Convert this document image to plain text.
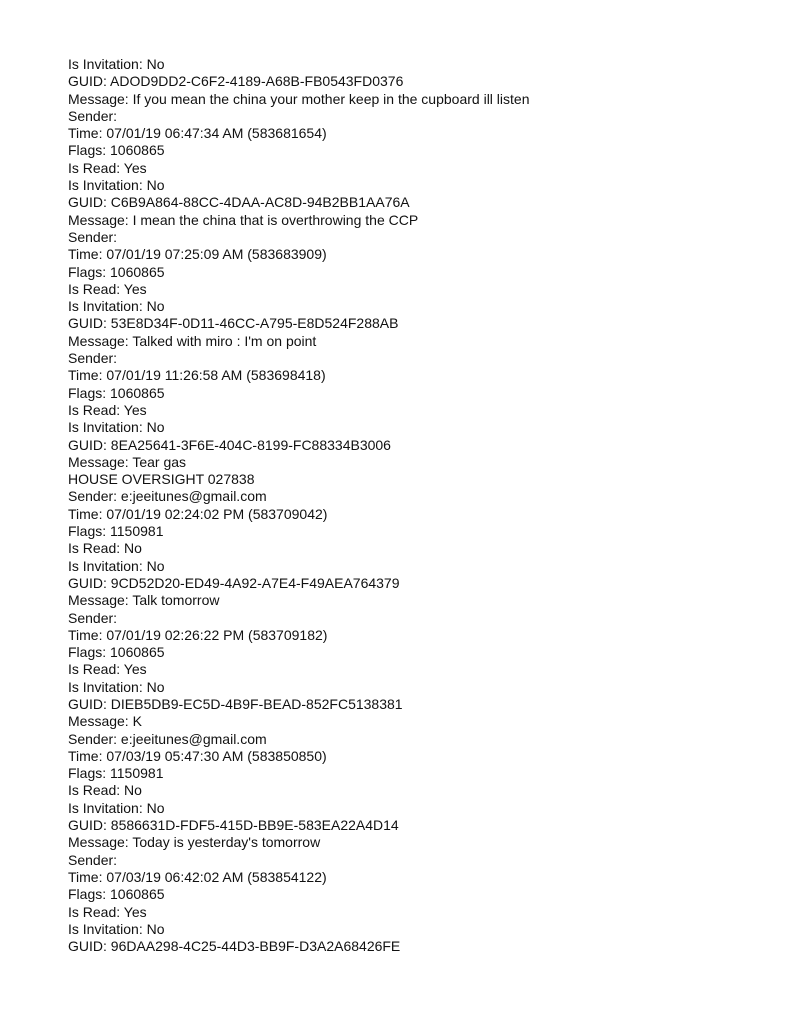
Is Invitation: No
GUID: ADOD9DD2-C6F2-4189-A68B-FB0543FD0376
Message: If you mean the china your mother keep in the cupboard ill listen
Sender:
Time: 07/01/19 06:47:34 AM (583681654)
Flags: 1060865
Is Read: Yes
Is Invitation: No
GUID: C6B9A864-88CC-4DAA-AC8D-94B2BB1AA76A
Message: I mean the china that is overthrowing the CCP
Sender:
Time: 07/01/19 07:25:09 AM (583683909)
Flags: 1060865
Is Read: Yes
Is Invitation: No
GUID: 53E8D34F-0D11-46CC-A795-E8D524F288AB
Message: Talked with miro : I'm on point
Sender:
Time: 07/01/19 11:26:58 AM (583698418)
Flags: 1060865
Is Read: Yes
Is Invitation: No
GUID: 8EA25641-3F6E-404C-8199-FC88334B3006
Message: Tear gas
HOUSE OVERSIGHT 027838
Sender: e:jeeitunes@gmail.com
Time: 07/01/19 02:24:02 PM (583709042)
Flags: 1150981
Is Read: No
Is Invitation: No
GUID: 9CD52D20-ED49-4A92-A7E4-F49AEA764379
Message: Talk tomorrow
Sender:
Time: 07/01/19 02:26:22 PM (583709182)
Flags: 1060865
Is Read: Yes
Is Invitation: No
GUID: DIEB5DB9-EC5D-4B9F-BEAD-852FC5138381
Message: K
Sender: e:jeeitunes@gmail.com
Time: 07/03/19 05:47:30 AM (583850850)
Flags: 1150981
Is Read: No
Is Invitation: No
GUID: 8586631D-FDF5-415D-BB9E-583EA22A4D14
Message: Today is yesterday's tomorrow
Sender:
Time: 07/03/19 06:42:02 AM (583854122)
Flags: 1060865
Is Read: Yes
Is Invitation: No
GUID: 96DAA298-4C25-44D3-BB9F-D3A2A68426FE
